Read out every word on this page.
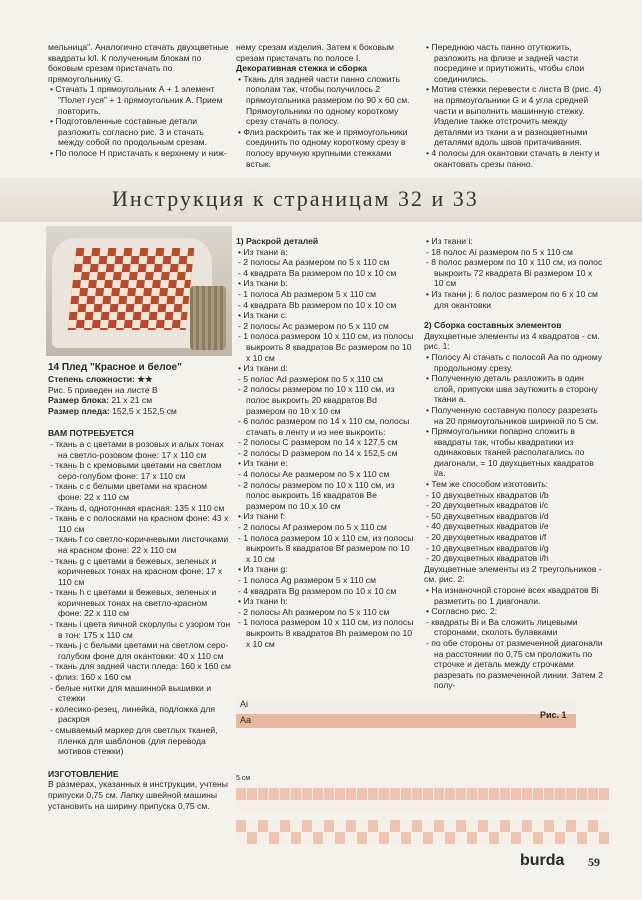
мельница". Аналогично стачать двухцветные квадраты k/l. К полученным блокам по боковым срезам пристачать по прямоугольнику G.

• Стачать 1 прямоугольник А + 1 элемент "Полет гуся" + 1 прямоугольник А. Прием повторить.

• Подготовленные составные детали разложить согласно рис. 3 и стачать между собой по продольным срезам.

• По полосе Н пристачать к верхнему и ниж-

нему срезам изделия. Затем к боковым срезам пристачать по полосе I.

Декоративная стежка и сборка

• Ткань для задней части панно сложить пополам так, чтобы получилось 2 прямоугольника размером по 90 x 60 см. Прямоугольники по одному короткому срезу стачать в полосу.

• Флиз раскроить так же и прямоугольники соединить по одному короткому срезу в полосу вручную крупными стежками встык.

• Переднюю часть панно отутюжить, разложить на флизе и задней части посредине и приутюжить, чтобы слои соединились.

• Мотив стежки перевести с листа В (рис. 4) на прямоугольники G и 4 угла средней части и выполнить машинную стежку. Изделие также отстрочить между деталями из ткани а и разноцветными деталями вдоль швов притачивания.

• 4 полосы для окантовки стачать в ленту и окантовать срезы панно.

Инструкция к страницам 32 и 33

14 Плед "Красное и белое"

Степень сложности: ★★

Рис. 5 приведен на листе В

Размер блока: 21 x 21 см

Размер пледа: 152,5 x 152,5 см

ВАМ ПОТРЕБУЕТСЯ

- ткань а с цветами в розовых и алых тонах на светло-розовом фоне: 17 x 110 см

- ткань b с кремовыми цветами на светлом серо-голубом фоне: 17 x 110 см

- ткань с с белыми цветами на красном фоне: 22 x 110 см

- ткань d, однотонная красная: 135 x 110 см

- ткань е с полосками на красном фоне: 43 x 110 см

- ткань f со светло-коричневыми листочками на красном фоне: 22 x 110 см

- ткань g с цветами в бежевых, зеленых и коричневых тонах на красном фоне: 17 x 110 см

- ткань h с цветами в бежевых, зеленых и коричневых тонах на светло-красном фоне: 22 x 110 см

- ткань i цвета яичной скорлупы с узором тон в тон: 175 x 110 см

- ткань j с белыми цветами на светлом серо-голубом фоне для окантовки: 40 x 110 см

- ткань для задней части пледа: 160 x 160 см

- флиз: 160 x 160 см

- белые нитки для машинной вышивки и стежки

- колесико-резец, линейка, подложка для раскроя

- смываемый маркер для светлых тканей, пленка для шаблонов (для перевода мотивов стежки)

ИЗГОТОВЛЕНИЕ

В размерах, указанных в инструкции, учтены припуски 0,75 см. Лапку швейной машины установить на ширину припуска 0,75 см.

1) Раскрой деталей

• Из ткани а:

- 2 полосы Аа размером по 5 x 110 см

- 4 квадрата Ва размером по 10 x 10 см

• Из ткани b:

- 1 полоса Ab размером 5 x 110 см

- 4 квадрата Bb размером по 10 x 10 см

• Из ткани с:

- 2 полосы Ас размером по 5 x 110 см

- 1 полоса размером 10 x 110 см, из полосы выкроить 8 квадратов Вс размером по 10 x 10 см

• Из ткани d:

- 5 полос Ad размером по 5 x 110 см

- 2 полосы размером по 10 x 110 см, из полос выкроить 20 квадратов Bd размером по 10 x 10 см

- 6 полос размером по 14 x 110 см, полосы стачать в ленту и из нее выкроить:

- 2 полосы С размером по 14 x 127,5 см

- 2 полосы D размером по 14 x 152,5 см

• Из ткани е:

- 4 полосы Ае размером по 5 x 110 см

- 2 полосы размером по 10 x 110 см, из полос выкроить 16 квадратов Ве размером по 10 x 10 см

• Из ткани f:

- 2 полосы Af размером по 5 x 110 см

- 1 полоса размером 10 x 110 см, из полосы выкроить 8 квадратов Bf размером по 10 x 10 см

• Из ткани g:

- 1 полоса Ag размером 5 x 110 см

- 4 квадрата Bg размером по 10 x 10 см

• Из ткани h:

- 2 полосы Ah размером по 5 x 110 см

- 1 полоса размером 10 x 110 см, из полосы выкроить 8 квадратов Bh размером по 10 x 10 см

• Из ткани i:

- 18 полос Ai размером по 5 x 110 см

- 8 полос размером по 10 x 110 см, из полос выкроить 72 квадрата Bi размером 10 x 10 см

• Из ткани j: 6 полос размером по 6 x 10 см для окантовки

2) Сборка составных элементов

Двухцветные элементы из 4 квадратов - см. рис. 1:

• Полосу Ai стачать с полосой Аа по одному продольному срезу.

• Полученную деталь разложить в один слой, припуски шва заутюжить в сторону ткани а.

• Полученную составную полосу разрезать на 20 прямоугольников шириной по 5 см.

• Прямоугольники попарно сложить в квадраты так, чтобы квадратики из одинаковых тканей располагались по диагонали, = 10 двухцветных квадратов i/a.

• Тем же способом изготовить:

- 10 двухцветных квадратов i/b

- 20 двухцветных квадратов i/c

- 50 двухцветных квадратов i/d

- 40 двухцветных квадратов i/e

- 20 двухцветных квадратов i/f

- 10 двухцветных квадратов i/g

- 20 двухцветных квадратов i/h

Двухцветные элементы из 2 треугольников - см. рис. 2:

• На изнаночной стороне всех квадратов Bi разметить по 1 диагонали.

• Согласно рис. 2:

- квадраты Bi и Ва сложить лицевыми сторонами, сколоть булавками

- по обе стороны от размеченной диагонали на расстоянии по 0,75 см проложить по строчке и деталь между строчками разрезать по размеченной линии. Затем 2 полу-

Ai
Aa	Рис. 1
5 см
burda 59
